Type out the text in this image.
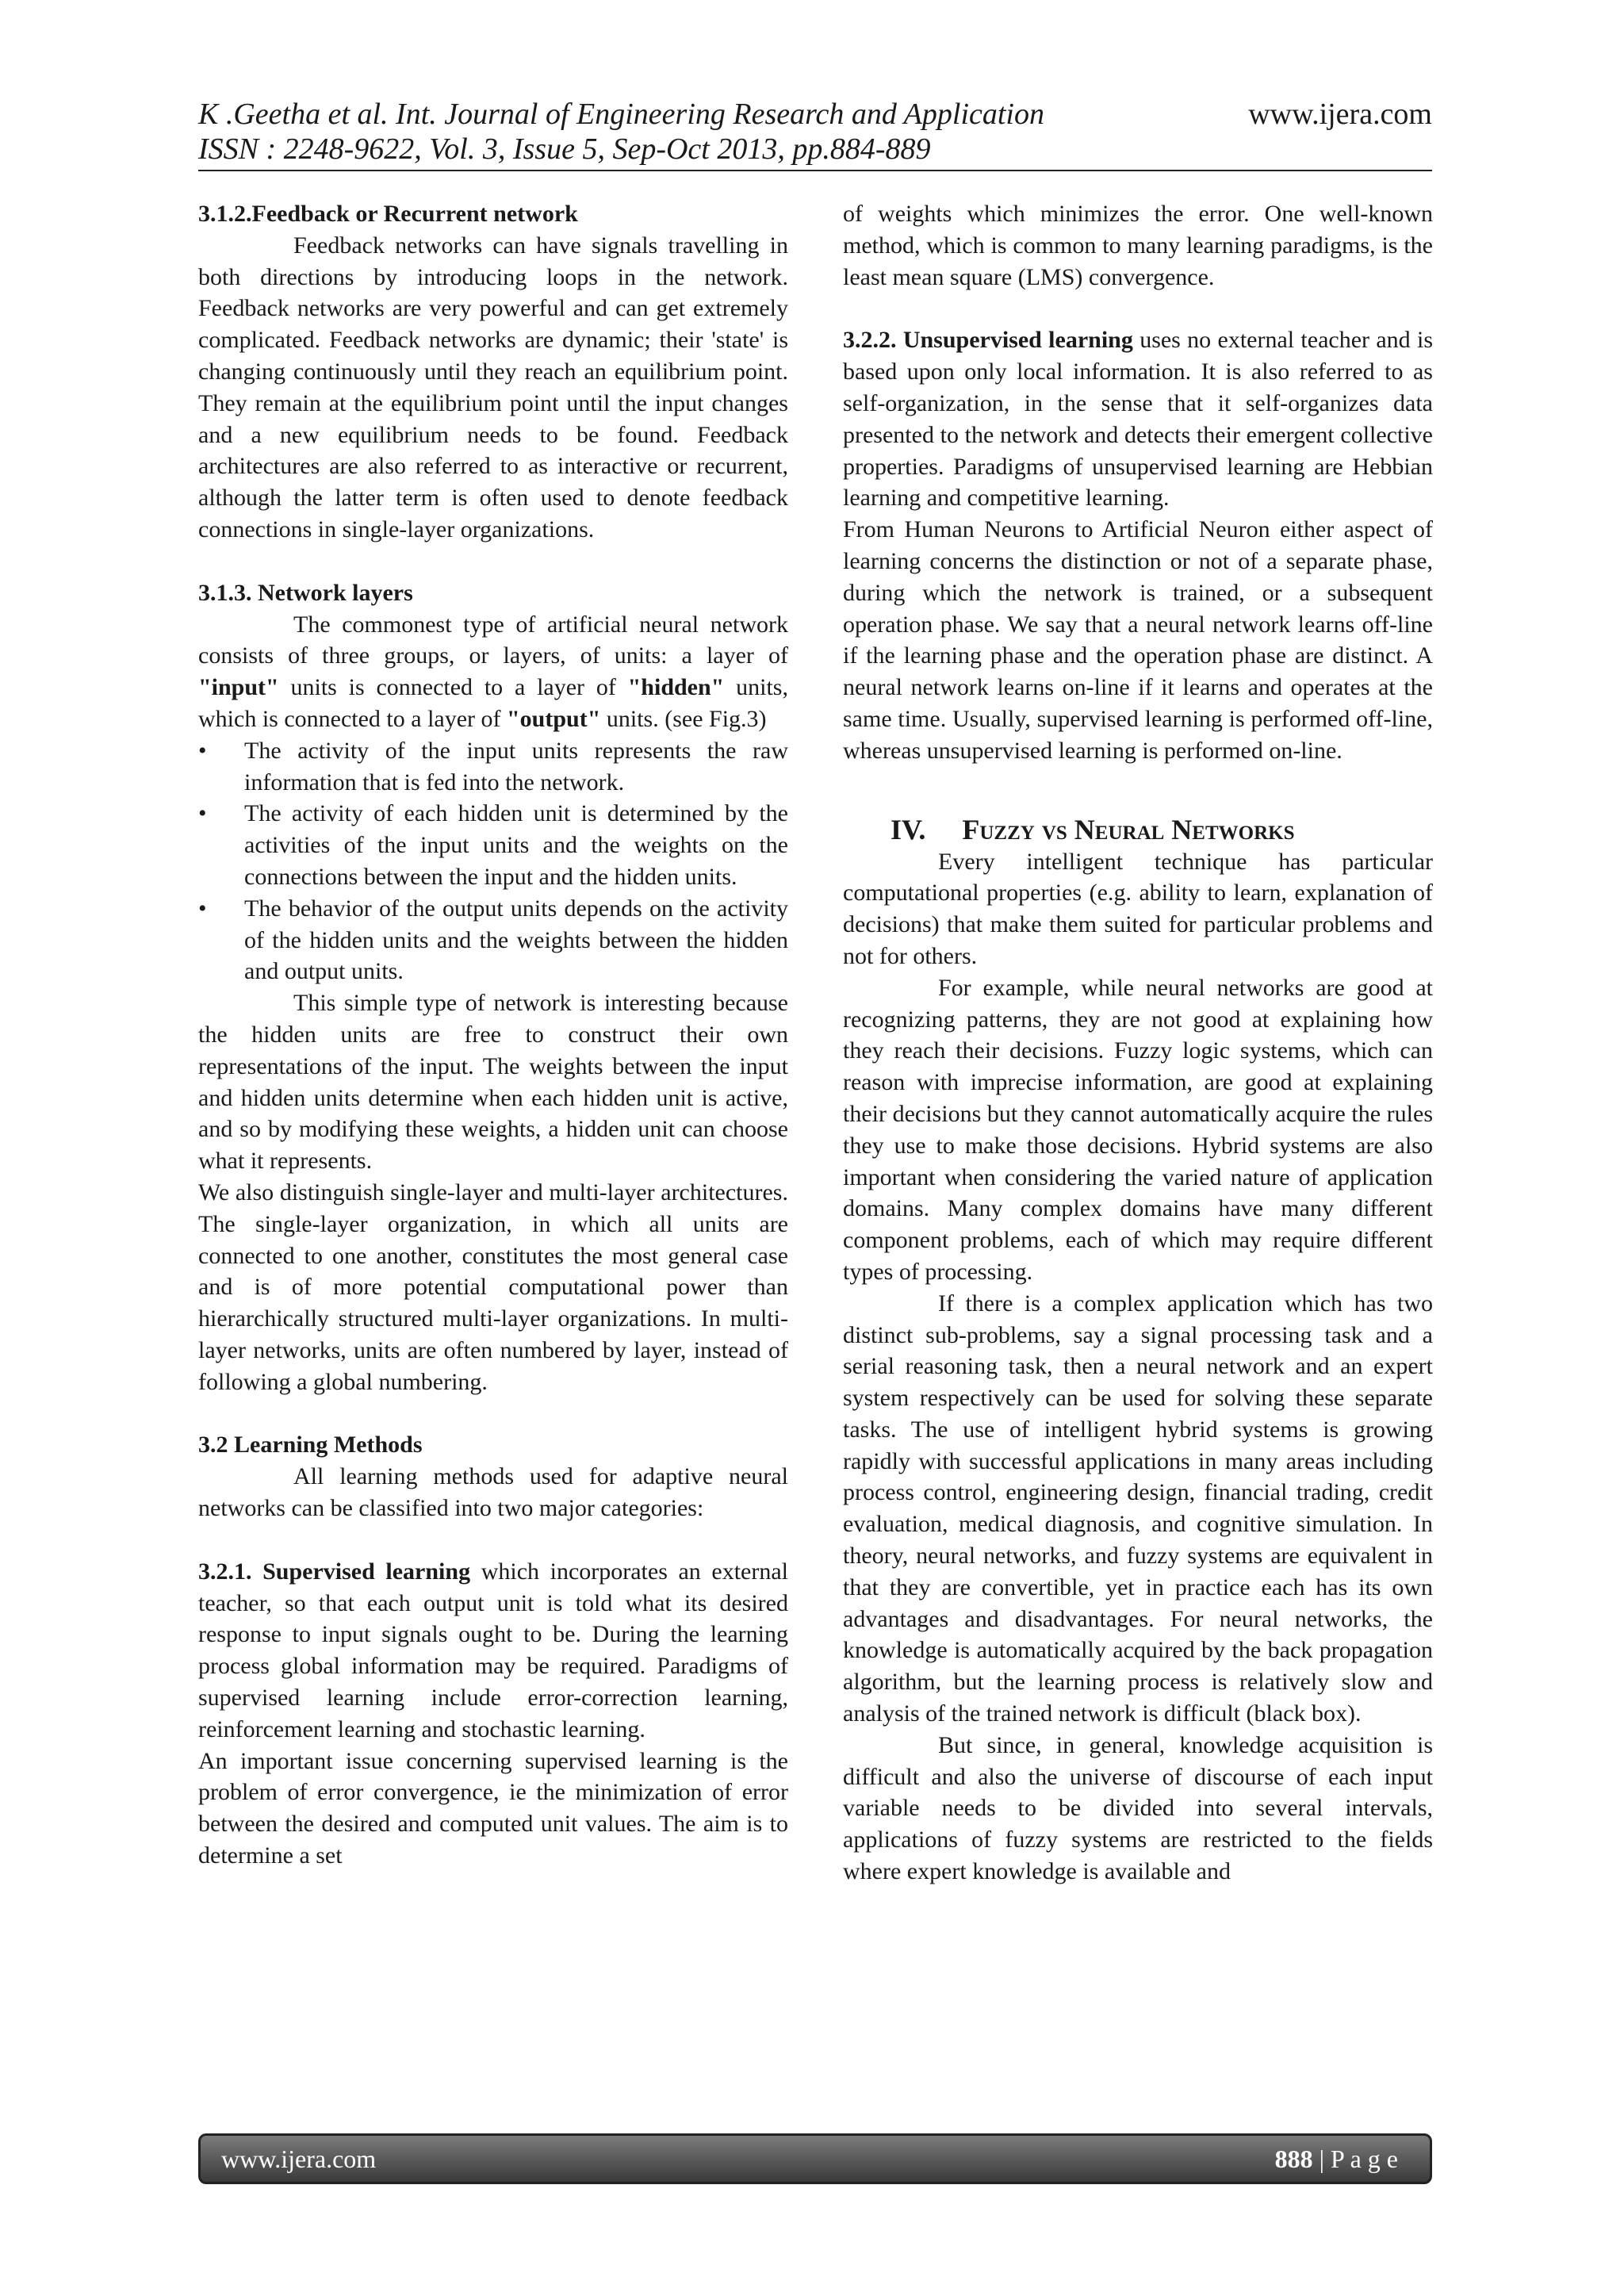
K .Geetha et al. Int. Journal of Engineering Research and Application	www.ijera.com
ISSN : 2248-9622, Vol. 3, Issue 5, Sep-Oct 2013, pp.884-889

3.1.2.Feedback or Recurrent network

Feedback networks can have signals travelling in both directions by introducing loops in the network. Feedback networks are very powerful and can get extremely complicated. Feedback networks are dynamic; their 'state' is changing continuously until they reach an equilibrium point. They remain at the equilibrium point until the input changes and a new equilibrium needs to be found. Feedback architectures are also referred to as interactive or recurrent, although the latter term is often used to denote feedback connections in single-layer organizations.

3.1.3. Network layers

The commonest type of artificial neural network consists of three groups, or layers, of units: a layer of "input" units is connected to a layer of "hidden" units, which is connected to a layer of "output" units. (see Fig.3)

• The activity of the input units represents the raw information that is fed into the network.
• The activity of each hidden unit is determined by the activities of the input units and the weights on the connections between the input and the hidden units.
• The behavior of the output units depends on the activity of the hidden units and the weights between the hidden and output units.

This simple type of network is interesting because the hidden units are free to construct their own representations of the input. The weights between the input and hidden units determine when each hidden unit is active, and so by modifying these weights, a hidden unit can choose what it represents.

We also distinguish single-layer and multi-layer architectures. The single-layer organization, in which all units are connected to one another, constitutes the most general case and is of more potential computational power than hierarchically structured multi-layer organizations. In multi-layer networks, units are often numbered by layer, instead of following a global numbering.

3.2 Learning Methods

All learning methods used for adaptive neural networks can be classified into two major categories:

3.2.1. Supervised learning which incorporates an external teacher, so that each output unit is told what its desired response to input signals ought to be. During the learning process global information may be required. Paradigms of supervised learning include error-correction learning, reinforcement learning and stochastic learning.

An important issue concerning supervised learning is the problem of error convergence, ie the minimization of error between the desired and computed unit values. The aim is to determine a set

of weights which minimizes the error. One well-known method, which is common to many learning paradigms, is the least mean square (LMS) convergence.

3.2.2. Unsupervised learning uses no external teacher and is based upon only local information. It is also referred to as self-organization, in the sense that it self-organizes data presented to the network and detects their emergent collective properties. Paradigms of unsupervised learning are Hebbian learning and competitive learning.

From Human Neurons to Artificial Neuron either aspect of learning concerns the distinction or not of a separate phase, during which the network is trained, or a subsequent operation phase. We say that a neural network learns off-line if the learning phase and the operation phase are distinct. A neural network learns on-line if it learns and operates at the same time. Usually, supervised learning is performed off-line, whereas unsupervised learning is performed on-line.

IV. Fuzzy vs Neural Networks

Every intelligent technique has particular computational properties (e.g. ability to learn, explanation of decisions) that make them suited for particular problems and not for others.

For example, while neural networks are good at recognizing patterns, they are not good at explaining how they reach their decisions. Fuzzy logic systems, which can reason with imprecise information, are good at explaining their decisions but they cannot automatically acquire the rules they use to make those decisions. Hybrid systems are also important when considering the varied nature of application domains. Many complex domains have many different component problems, each of which may require different types of processing.

If there is a complex application which has two distinct sub-problems, say a signal processing task and a serial reasoning task, then a neural network and an expert system respectively can be used for solving these separate tasks. The use of intelligent hybrid systems is growing rapidly with successful applications in many areas including process control, engineering design, financial trading, credit evaluation, medical diagnosis, and cognitive simulation. In theory, neural networks, and fuzzy systems are equivalent in that they are convertible, yet in practice each has its own advantages and disadvantages. For neural networks, the knowledge is automatically acquired by the back propagation algorithm, but the learning process is relatively slow and analysis of the trained network is difficult (black box).

But since, in general, knowledge acquisition is difficult and also the universe of discourse of each input variable needs to be divided into several intervals, applications of fuzzy systems are restricted to the fields where expert knowledge is available and

www.ijera.com	888 | P a g e
